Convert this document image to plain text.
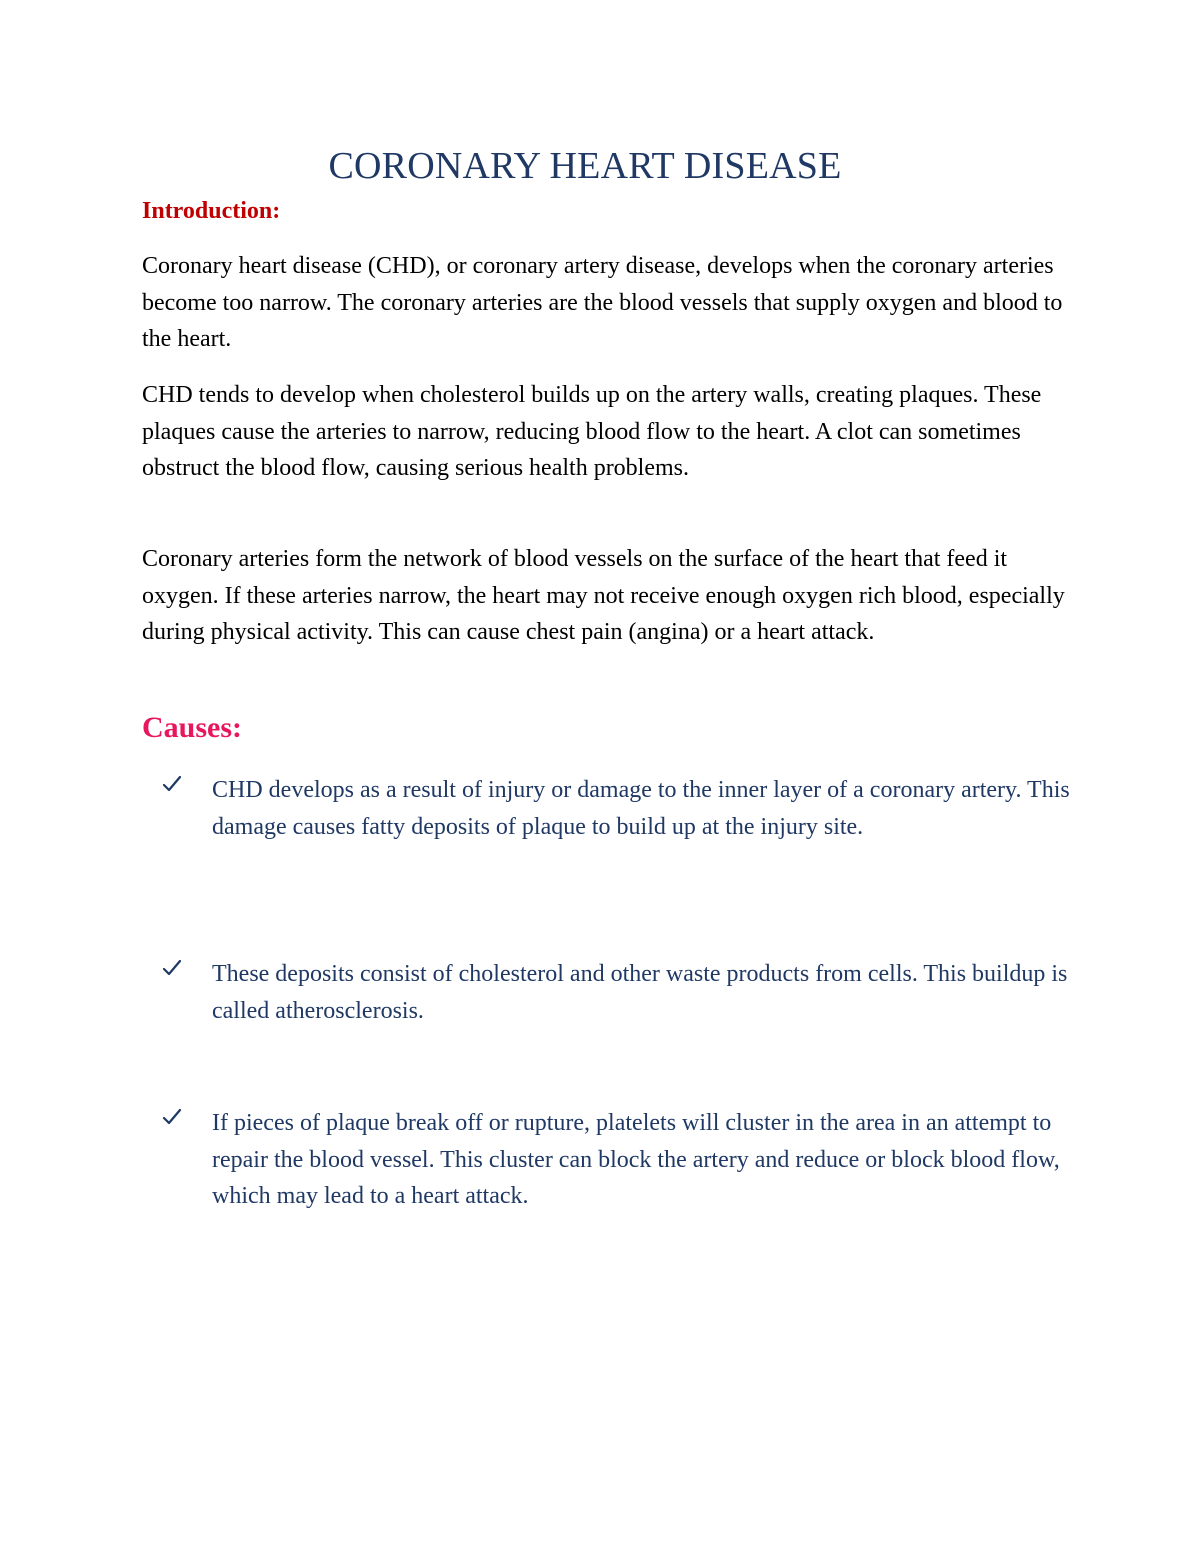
CORONARY HEART DISEASE
Introduction:

Coronary heart disease (CHD), or coronary artery disease, develops when the coronary arteries become too narrow. The coronary arteries are the blood vessels that supply oxygen and blood to the heart.

CHD tends to develop when cholesterol builds up on the artery walls, creating plaques. These plaques cause the arteries to narrow, reducing blood flow to the heart. A clot can sometimes obstruct the blood flow, causing serious health problems.

Coronary arteries form the network of blood vessels on the surface of the heart that feed it oxygen. If these arteries narrow, the heart may not receive enough oxygen rich blood, especially during physical activity. This can cause chest pain (angina) or a heart attack.

Causes:

CHD develops as a result of injury or damage to the inner layer of a coronary artery. This damage causes fatty deposits of plaque to build up at the injury site.

These deposits consist of cholesterol and other waste products from cells. This buildup is called atherosclerosis.

If pieces of plaque break off or rupture, platelets will cluster in the area in an attempt to repair the blood vessel. This cluster can block the artery and reduce or block blood flow, which may lead to a heart attack.
